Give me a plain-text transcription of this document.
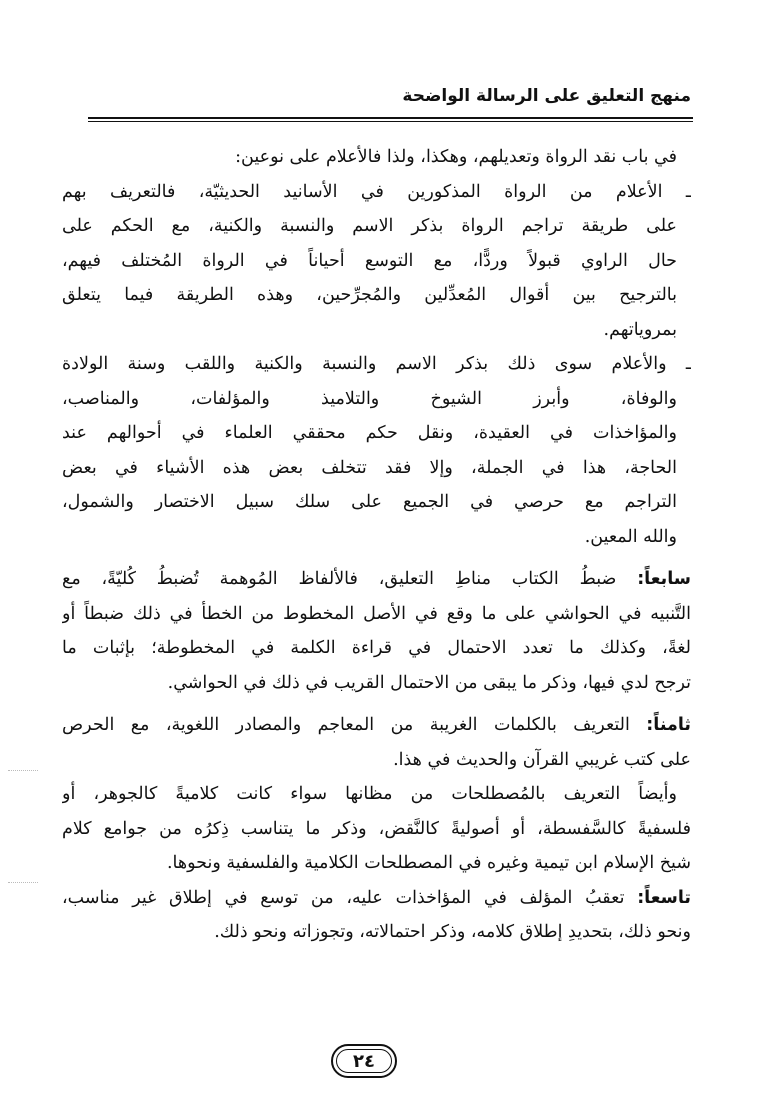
منهج التعليق على الرسالة الواضحة

في باب نقد الرواة وتعديلهم، وهكذا، ولذا فالأعلام على نوعين:

ـ الأعلام من الرواة المذكورين في الأسانيد الحديثيّة، فالتعريف بهم
على طريقة تراجم الرواة بذكر الاسم والنسبة والكنية، مع الحكم على
حال الراوي قبولاً وردًّا، مع التوسع أحياناً في الرواة المُختلف فيهم،
بالترجيح بين أقوال المُعدِّلين والمُجرِّحين، وهذه الطريقة فيما يتعلق
بمروياتهم.

ـ والأعلام سوى ذلك بذكر الاسم والنسبة والكنية واللقب وسنة الولادة
والوفاة، وأبرز الشيوخ والتلاميذ والمؤلفات، والمناصب،
والمؤاخذات في العقيدة، ونقل حكم محققي العلماء في أحوالهم عند
الحاجة، هذا في الجملة، وإلا فقد تتخلف بعض هذه الأشياء في بعض
التراجم مع حرصي في الجميع على سلك سبيل الاختصار والشمول،
والله المعين.

سابعاً: ضبطُ الكتاب مناطِ التعليق، فالألفاظ المُوهمة تُضبطُ كُليّةً، مع
التَّنبيه في الحواشي على ما وقع في الأصل المخطوط من الخطأ في ذلك ضبطاً أو
لغةً، وكذلك ما تعدد الاحتمال في قراءة الكلمة في المخطوطة؛ بإثبات ما
ترجح لدي فيها، وذكر ما يبقى من الاحتمال القريب في ذلك في الحواشي.

ثامناً: التعريف بالكلمات الغريبة من المعاجم والمصادر اللغوية، مع الحرص
على كتب غريبي القرآن والحديث في هذا.

وأيضاً التعريف بالمُصطلحات من مظانها سواء كانت كلاميةً كالجوهر، أو
فلسفيةً كالسَّفسطة، أو أصوليةً كالنَّقض، وذكر ما يتناسب ذِكرُه من جوامع كلام
شيخ الإسلام ابن تيمية وغيره في المصطلحات الكلامية والفلسفية ونحوها.

تاسعاً: تعقبُ المؤلف في المؤاخذات عليه، من توسع في إطلاق غير مناسب،
ونحو ذلك، بتحديدِ إطلاق كلامه، وذكر احتمالاته، وتجوزاته ونحو ذلك.

٢٤
